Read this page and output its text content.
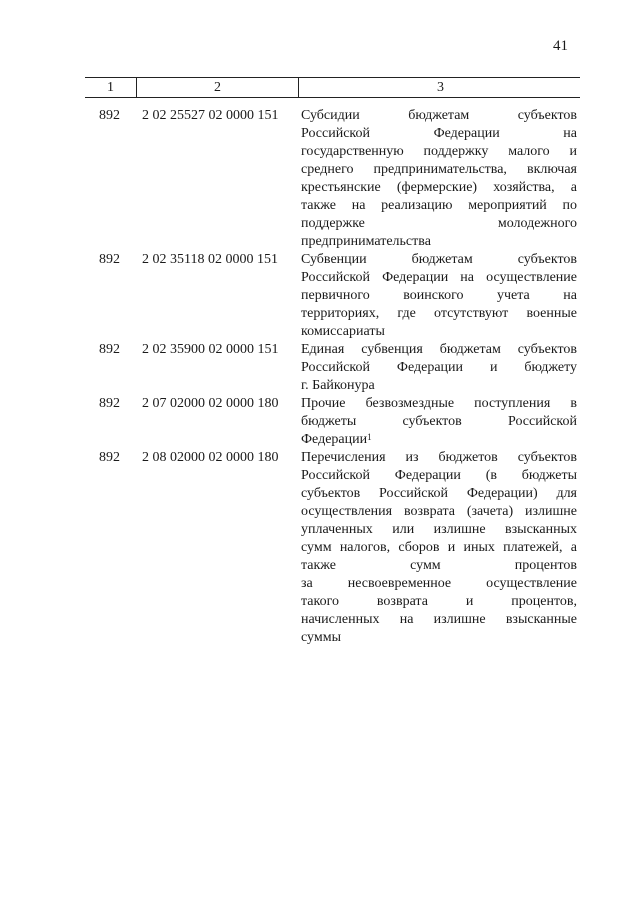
41
1	2	3
892	2 02 25527 02 0000 151	Субсидии бюджетам субъектов
Российской Федерации на
государственную поддержку малого и
среднего предпринимательства, включая
крестьянские (фермерские) хозяйства, а
также на реализацию мероприятий по
поддержке молодежного
предпринимательства
892	2 02 35118 02 0000 151	Субвенции бюджетам субъектов
Российской Федерации на осуществление
первичного воинского учета на
территориях, где отсутствуют военные
комиссариаты
892	2 02 35900 02 0000 151	Единая субвенция бюджетам субъектов
Российской Федерации и бюджету
г. Байконура
892	2 07 02000 02 0000 180	Прочие безвозмездные поступления в
бюджеты субъектов Российской
Федерации$^1$
892	2 08 02000 02 0000 180	Перечисления из бюджетов субъектов
Российской Федерации (в бюджеты
субъектов Российской Федерации) для
осуществления возврата (зачета) излишне
уплаченных или излишне взысканных
сумм налогов, сборов и иных платежей, а
также сумм процентов
за несвоевременное осуществление
такого возврата и процентов,
начисленных на излишне взысканные
суммы
